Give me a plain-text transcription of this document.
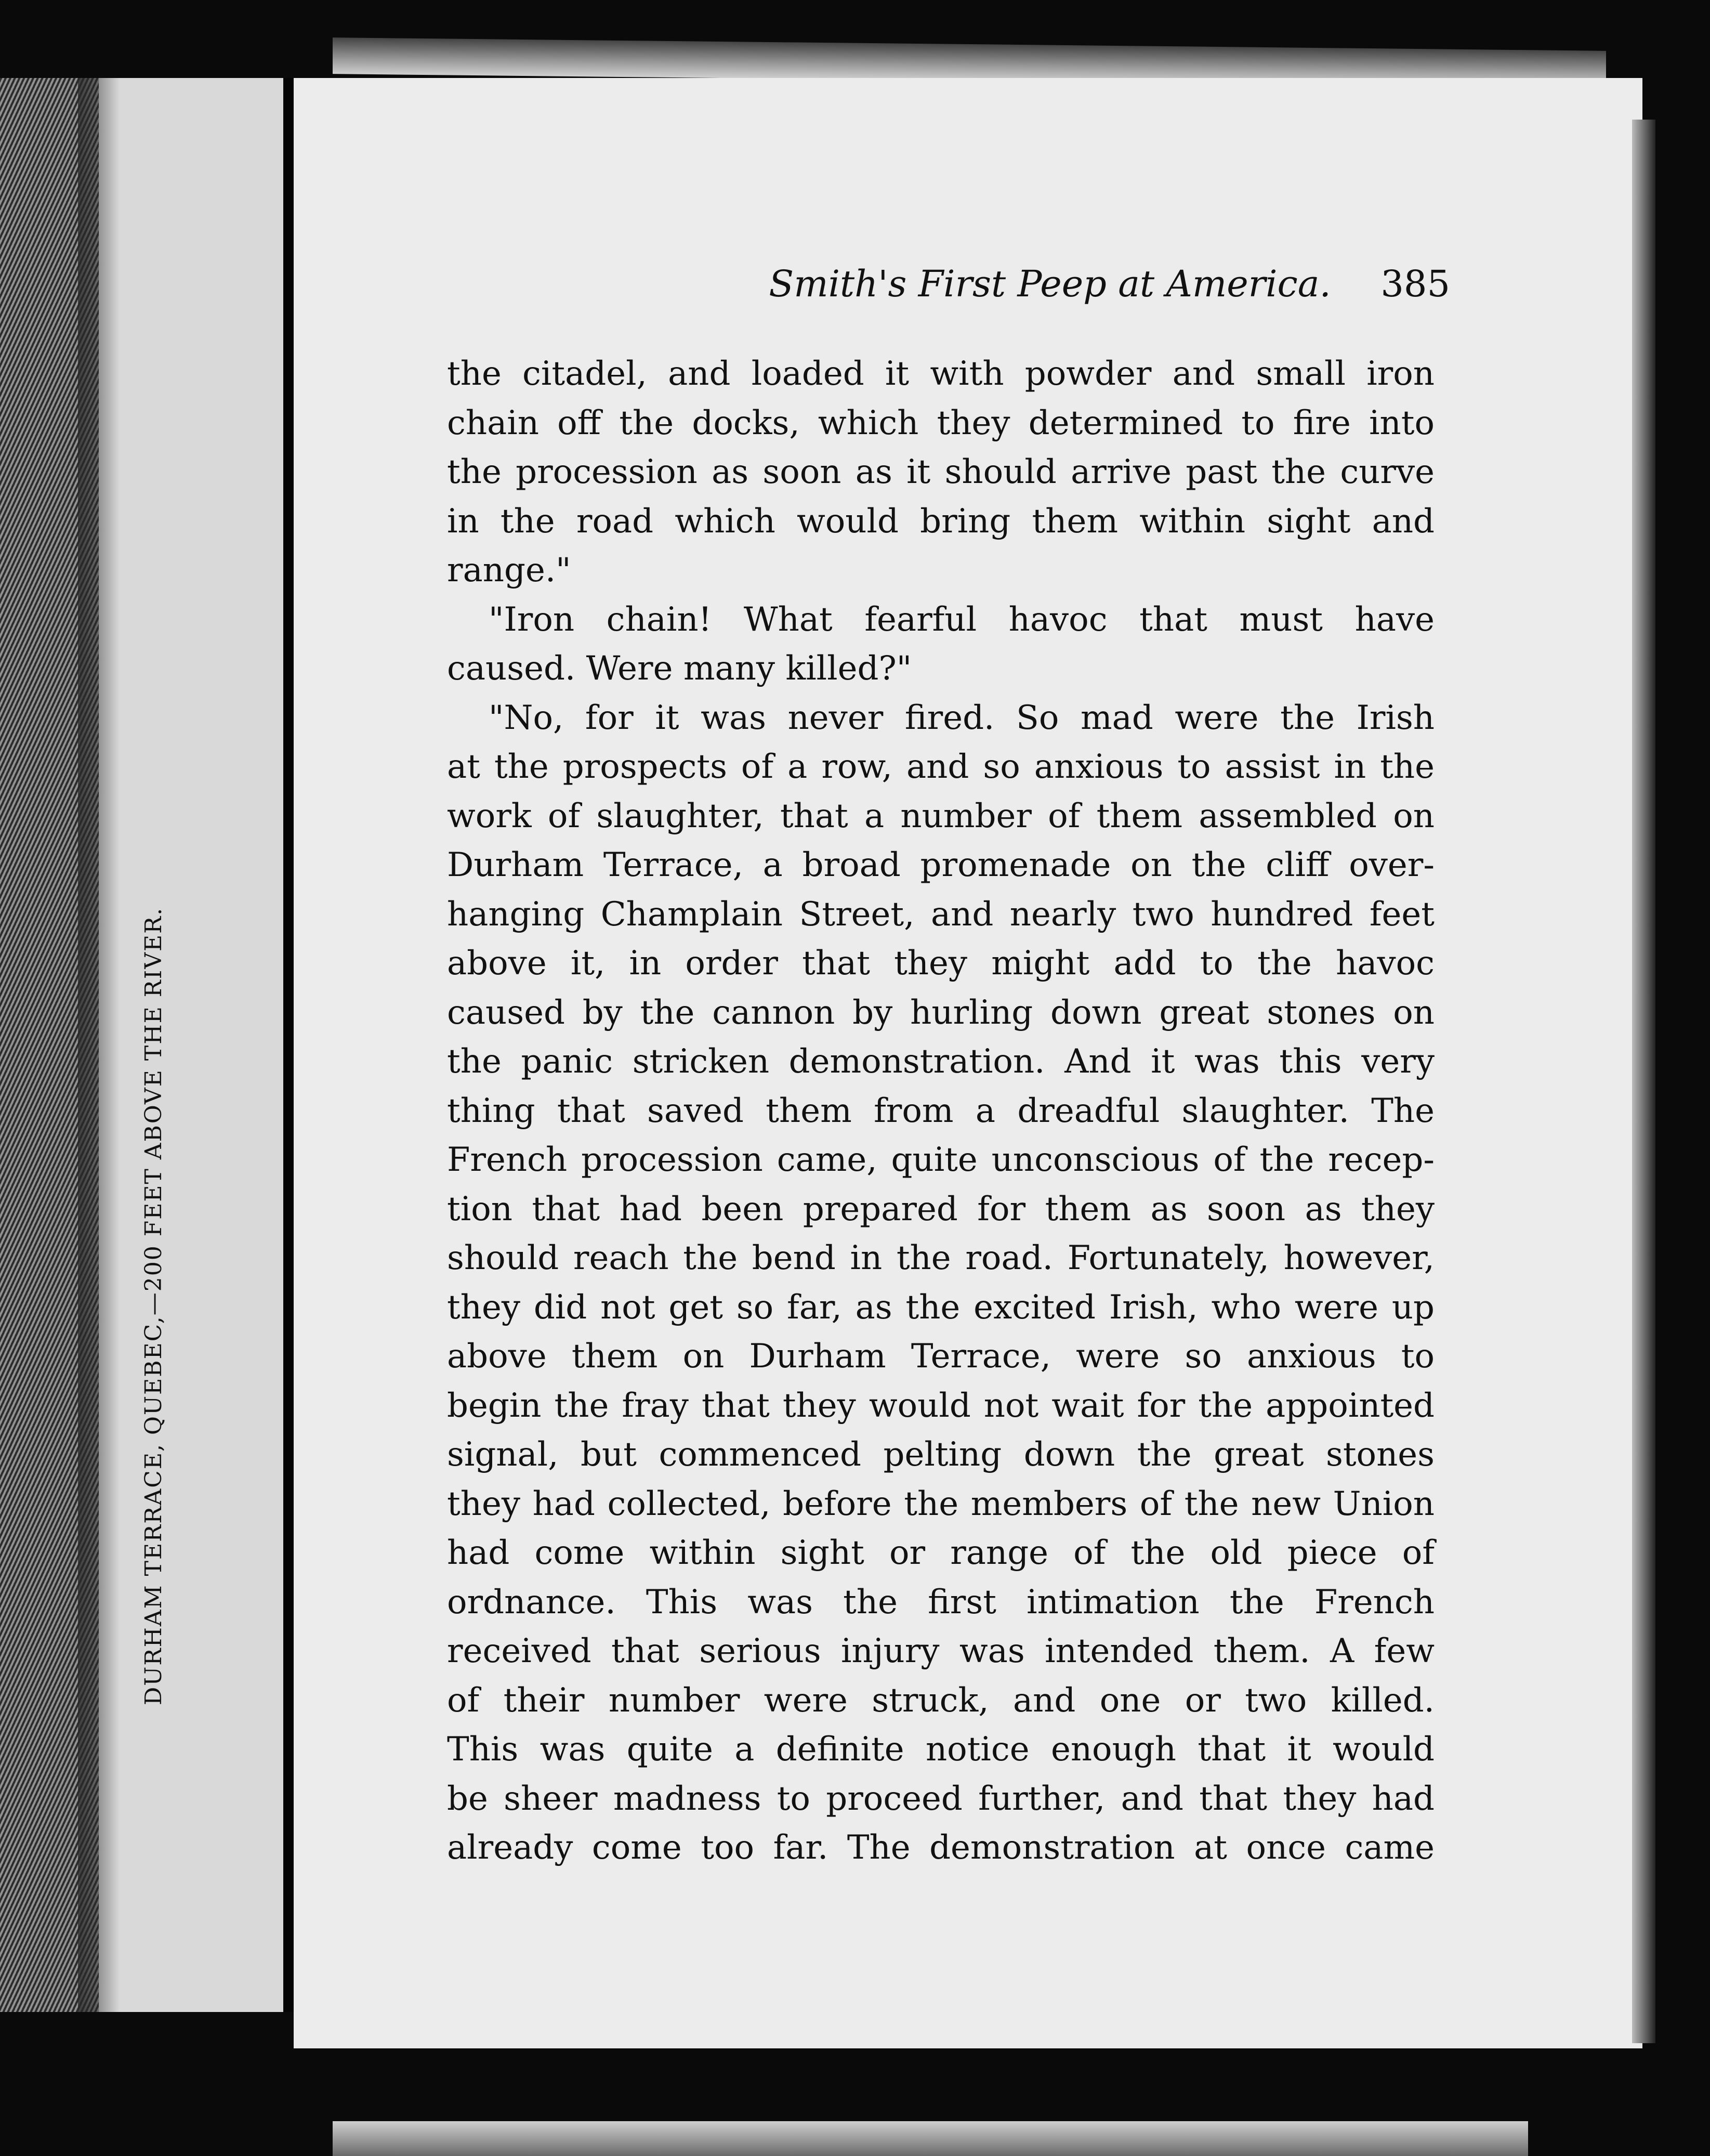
DURHAM TERRACE, QUEBEC,—200 FEET ABOVE THE RIVER.
Smith's First Peep at America.	385
the citadel, and loaded it with powder and small iron
chain off the docks, which they determined to fire into
the procession as soon as it should arrive past the curve
in the road which would bring them within sight and
range."
"Iron chain! What fearful havoc that must have
caused. Were many killed?"
"No, for it was never fired. So mad were the Irish
at the prospects of a row, and so anxious to assist in the
work of slaughter, that a number of them assembled on
Durham Terrace, a broad promenade on the cliff over-
hanging Champlain Street, and nearly two hundred feet
above it, in order that they might add to the havoc
caused by the cannon by hurling down great stones on
the panic stricken demonstration. And it was this very
thing that saved them from a dreadful slaughter. The
French procession came, quite unconscious of the recep-
tion that had been prepared for them as soon as they
should reach the bend in the road. Fortunately, however,
they did not get so far, as the excited Irish, who were up
above them on Durham Terrace, were so anxious to
begin the fray that they would not wait for the appointed
signal, but commenced pelting down the great stones
they had collected, before the members of the new Union
had come within sight or range of the old piece of
ordnance. This was the first intimation the French
received that serious injury was intended them. A few
of their number were struck, and one or two killed.
This was quite a definite notice enough that it would
be sheer madness to proceed further, and that they had
already come too far. The demonstration at once came
